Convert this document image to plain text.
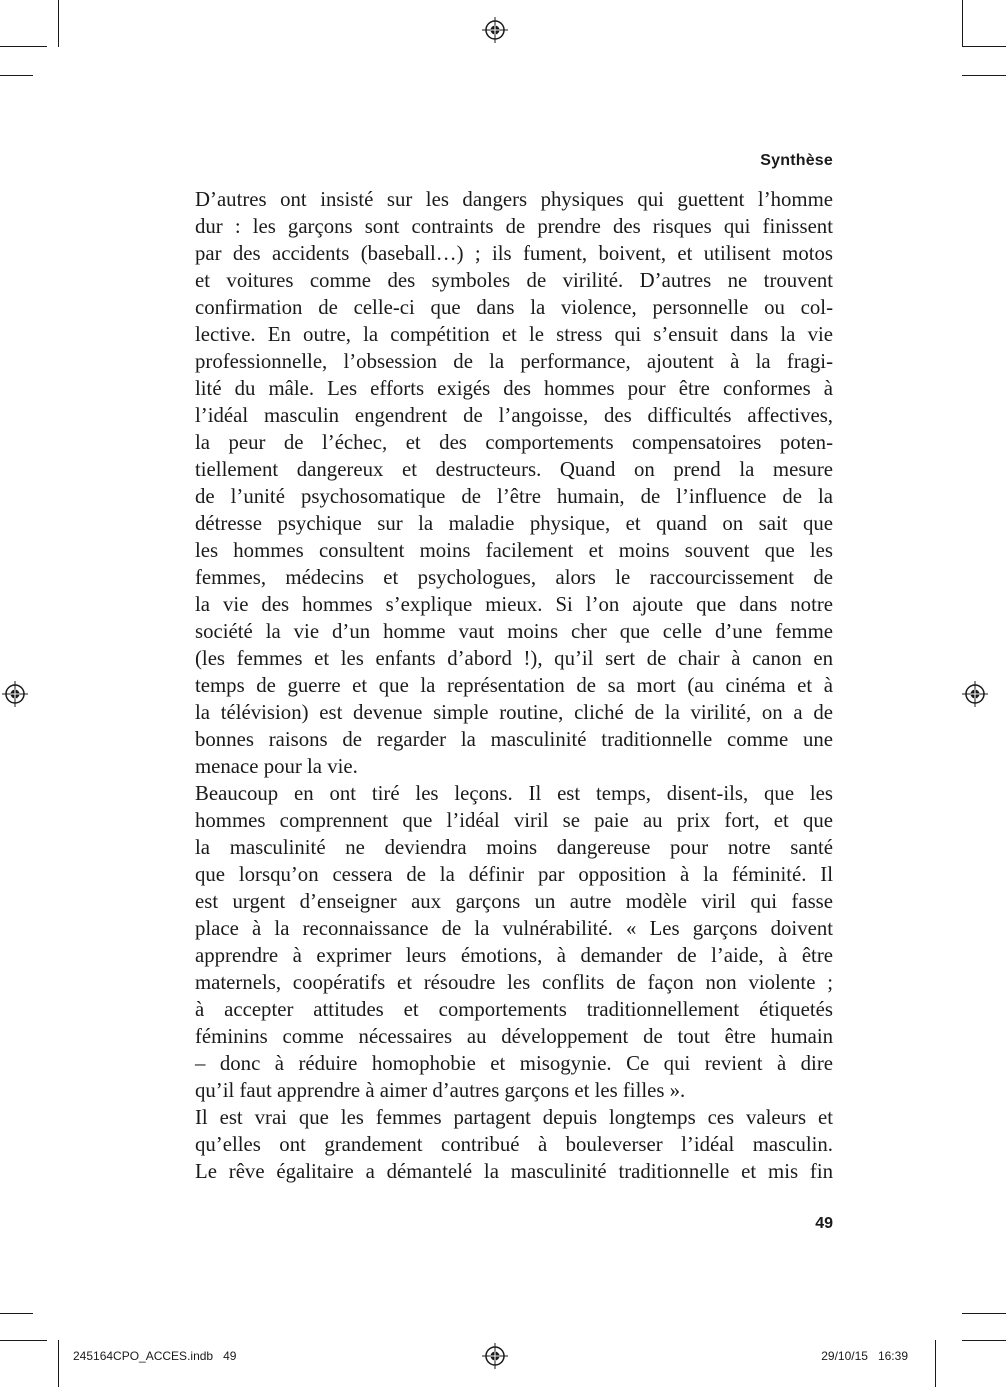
Synthèse
D’autres ont insisté sur les dangers physiques qui guettent l’homme
dur : les garçons sont contraints de prendre des risques qui finissent
par des accidents (baseball…) ; ils fument, boivent, et utilisent motos
et voitures comme des symboles de virilité. D’autres ne trouvent
confirmation de celle-ci que dans la violence, personnelle ou col-
lective. En outre, la compétition et le stress qui s’ensuit dans la vie
professionnelle, l’obsession de la performance, ajoutent à la fragi-
lité du mâle. Les efforts exigés des hommes pour être conformes à
l’idéal masculin engendrent de l’angoisse, des difficultés affectives,
la peur de l’échec, et des comportements compensatoires poten-
tiellement dangereux et destructeurs. Quand on prend la mesure
de l’unité psychosomatique de l’être humain, de l’influence de la
détresse psychique sur la maladie physique, et quand on sait que
les hommes consultent moins facilement et moins souvent que les
femmes, médecins et psychologues, alors le raccourcissement de
la vie des hommes s’explique mieux. Si l’on ajoute que dans notre
société la vie d’un homme vaut moins cher que celle d’une femme
(les femmes et les enfants d’abord !), qu’il sert de chair à canon en
temps de guerre et que la représentation de sa mort (au cinéma et à
la télévision) est devenue simple routine, cliché de la virilité, on a de
bonnes raisons de regarder la masculinité traditionnelle comme une
menace pour la vie.
Beaucoup en ont tiré les leçons. Il est temps, disent-ils, que les
hommes comprennent que l’idéal viril se paie au prix fort, et que
la masculinité ne deviendra moins dangereuse pour notre santé
que lorsqu’on cessera de la définir par opposition à la féminité. Il
est urgent d’enseigner aux garçons un autre modèle viril qui fasse
place à la reconnaissance de la vulnérabilité. « Les garçons doivent
apprendre à exprimer leurs émotions, à demander de l’aide, à être
maternels, coopératifs et résoudre les conflits de façon non violente ;
à accepter attitudes et comportements traditionnellement étiquetés
féminins comme nécessaires au développement de tout être humain
– donc à réduire homophobie et misogynie. Ce qui revient à dire
qu’il faut apprendre à aimer d’autres garçons et les filles ».
Il est vrai que les femmes partagent depuis longtemps ces valeurs et
qu’elles ont grandement contribué à bouleverser l’idéal masculin.
Le rêve égalitaire a démantelé la masculinité traditionnelle et mis fin
49
245164CPO_ACCES.indb   49	29/10/15   16:39
